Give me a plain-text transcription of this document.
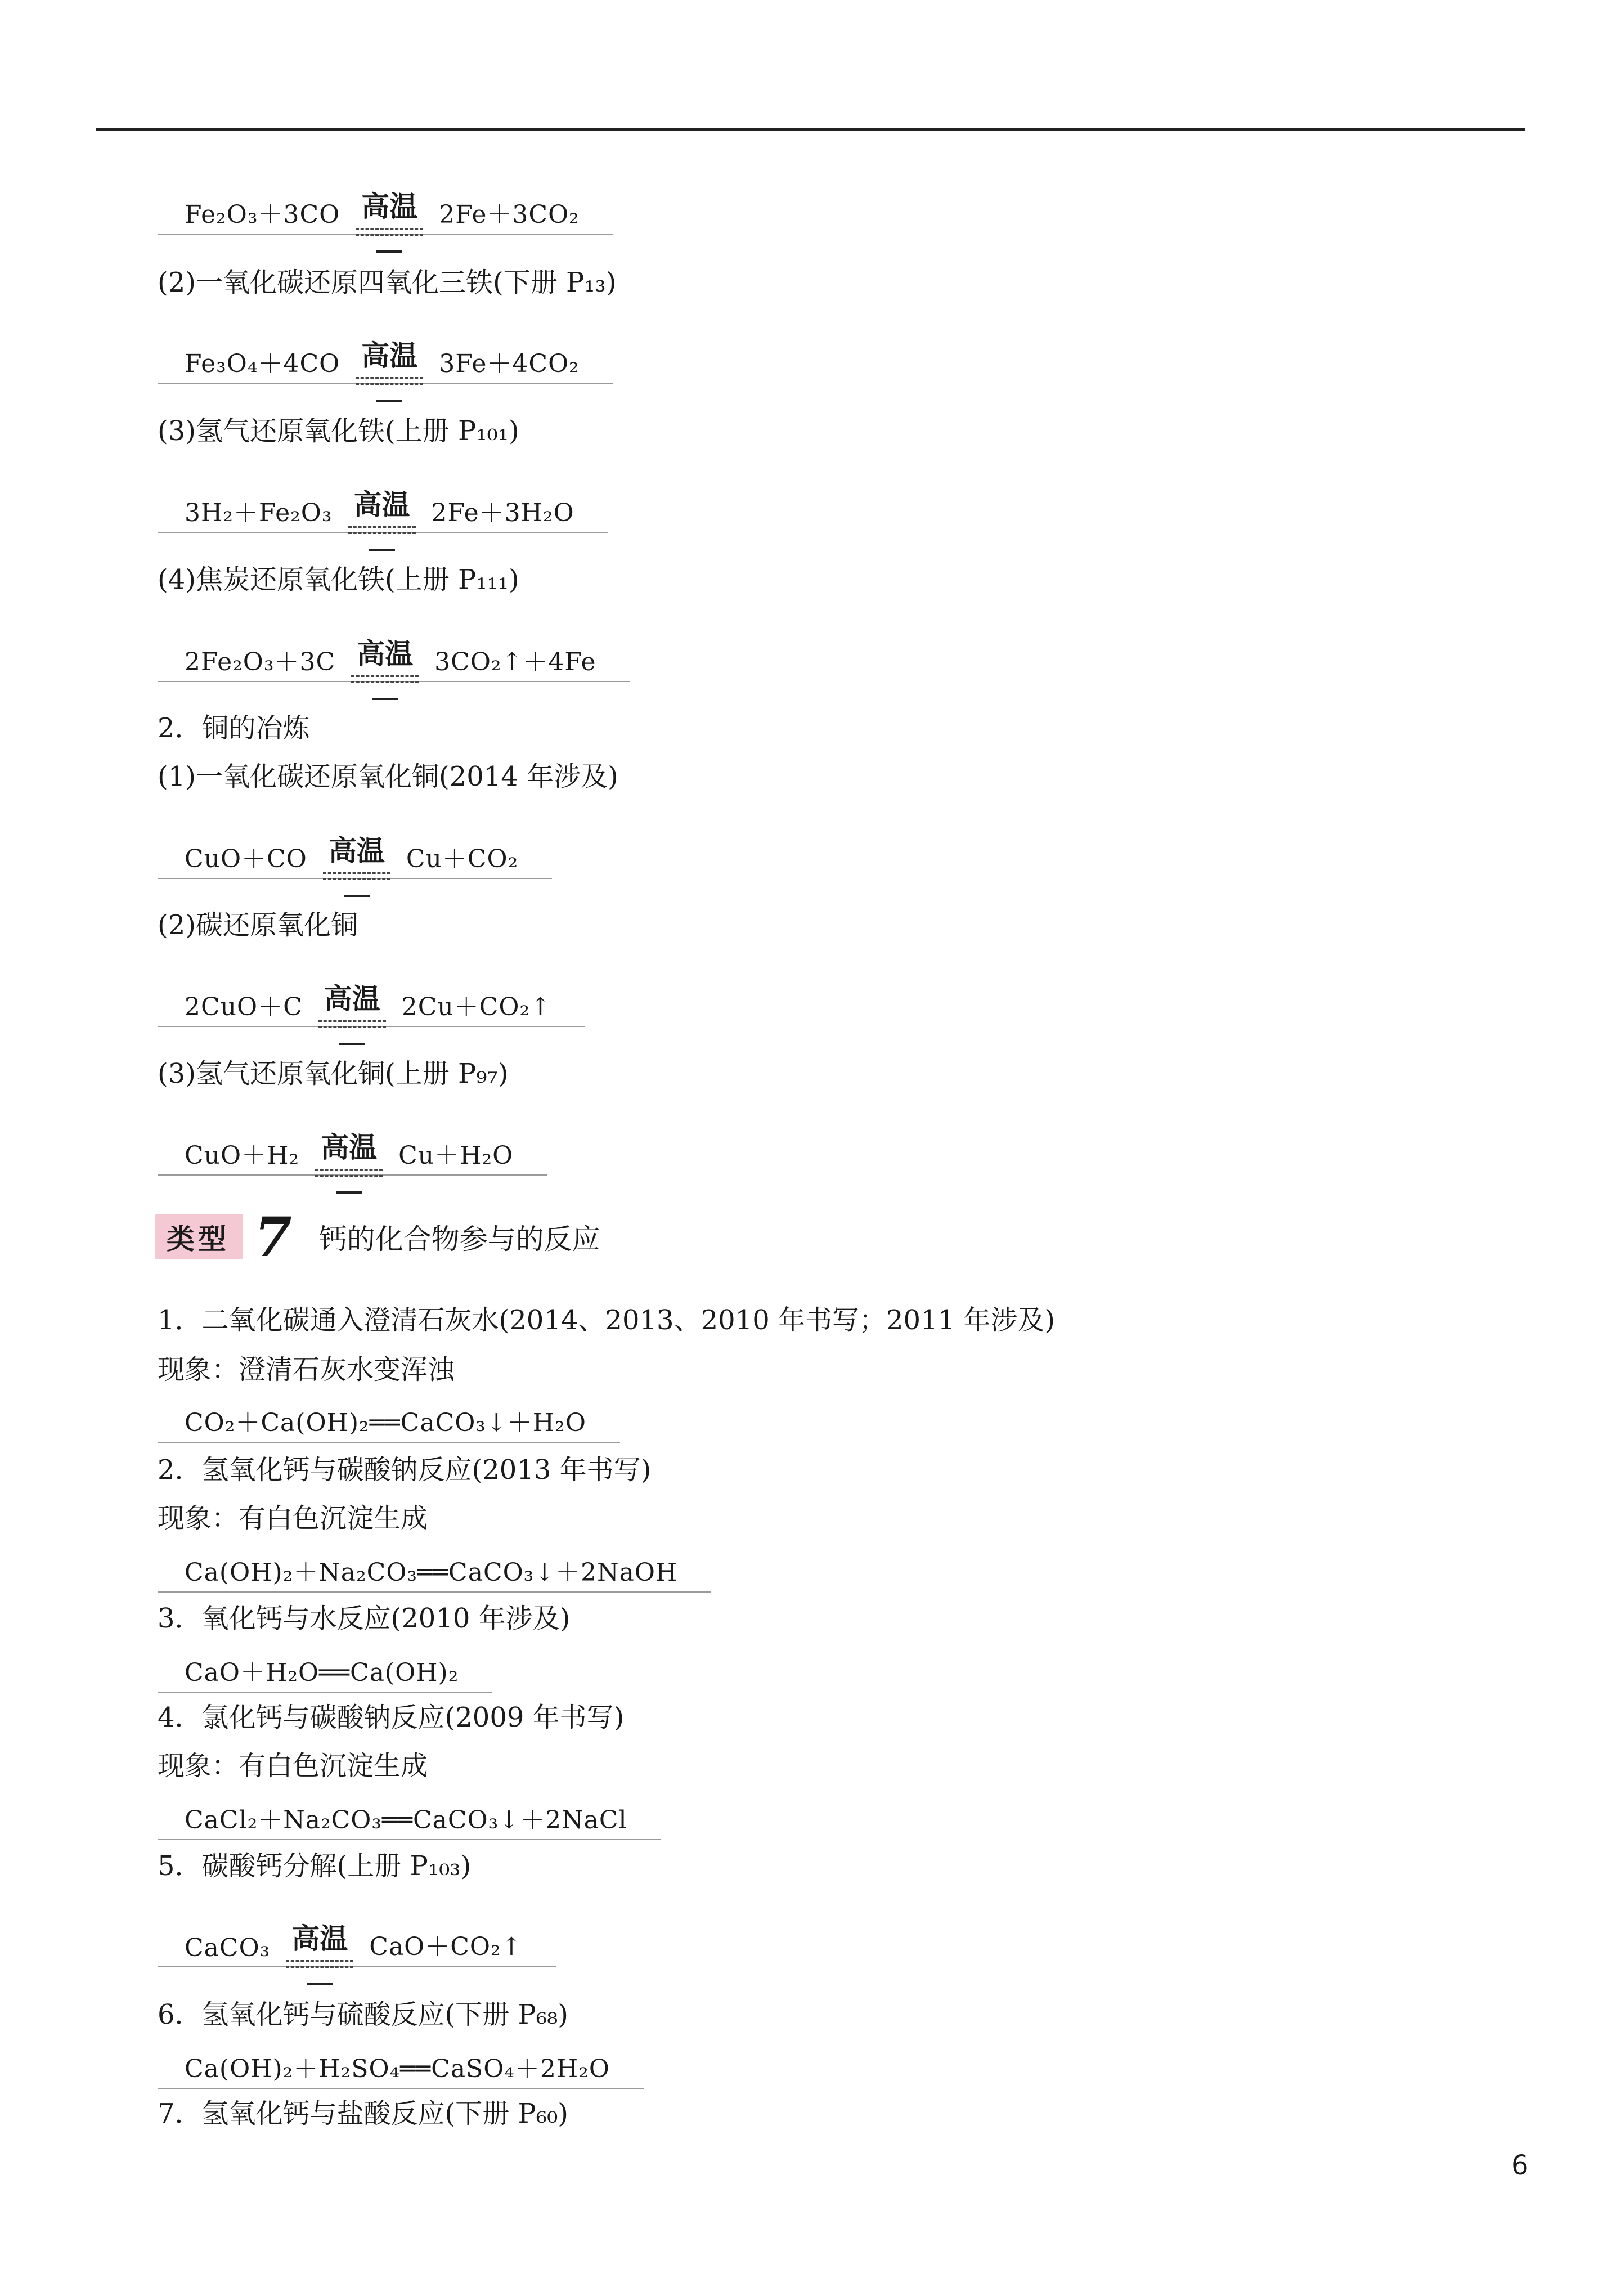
Fe₂O₃＋3CO 高温 2Fe＋3CO₂
(2)一氧化碳还原四氧化三铁(下册 P₁₃)
Fe₃O₄＋4CO 高温 3Fe＋4CO₂
(3)氢气还原氧化铁(上册 P₁₀₁)
3H₂＋Fe₂O₃ 高温 2Fe＋3H₂O
(4)焦炭还原氧化铁(上册 P₁₁₁)
2Fe₂O₃＋3C 高温 3CO₂↑＋4Fe
2．铜的冶炼
(1)一氧化碳还原氧化铜(2014 年涉及)
CuO＋CO 高温 Cu＋CO₂
(2)碳还原氧化铜
2CuO＋C 高温 2Cu＋CO₂↑
(3)氢气还原氧化铜(上册 P₉₇)
CuO＋H₂ 高温 Cu＋H₂O
类型 7 钙的化合物参与的反应
1．二氧化碳通入澄清石灰水(2014、2013、2010 年书写；2011 年涉及)
现象：澄清石灰水变浑浊
CO₂＋Ca(OH)₂══CaCO₃↓＋H₂O
2．氢氧化钙与碳酸钠反应(2013 年书写)
现象：有白色沉淀生成
Ca(OH)₂＋Na₂CO₃══CaCO₃↓＋2NaOH
3．氧化钙与水反应(2010 年涉及)
CaO＋H₂O══Ca(OH)₂
4．氯化钙与碳酸钠反应(2009 年书写)
现象：有白色沉淀生成
CaCl₂＋Na₂CO₃══CaCO₃↓＋2NaCl
5．碳酸钙分解(上册 P₁₀₃)
CaCO₃ 高温 CaO＋CO₂↑
6．氢氧化钙与硫酸反应(下册 P₆₈)
Ca(OH)₂＋H₂SO₄══CaSO₄＋2H₂O
7．氢氧化钙与盐酸反应(下册 P₆₀)
6
